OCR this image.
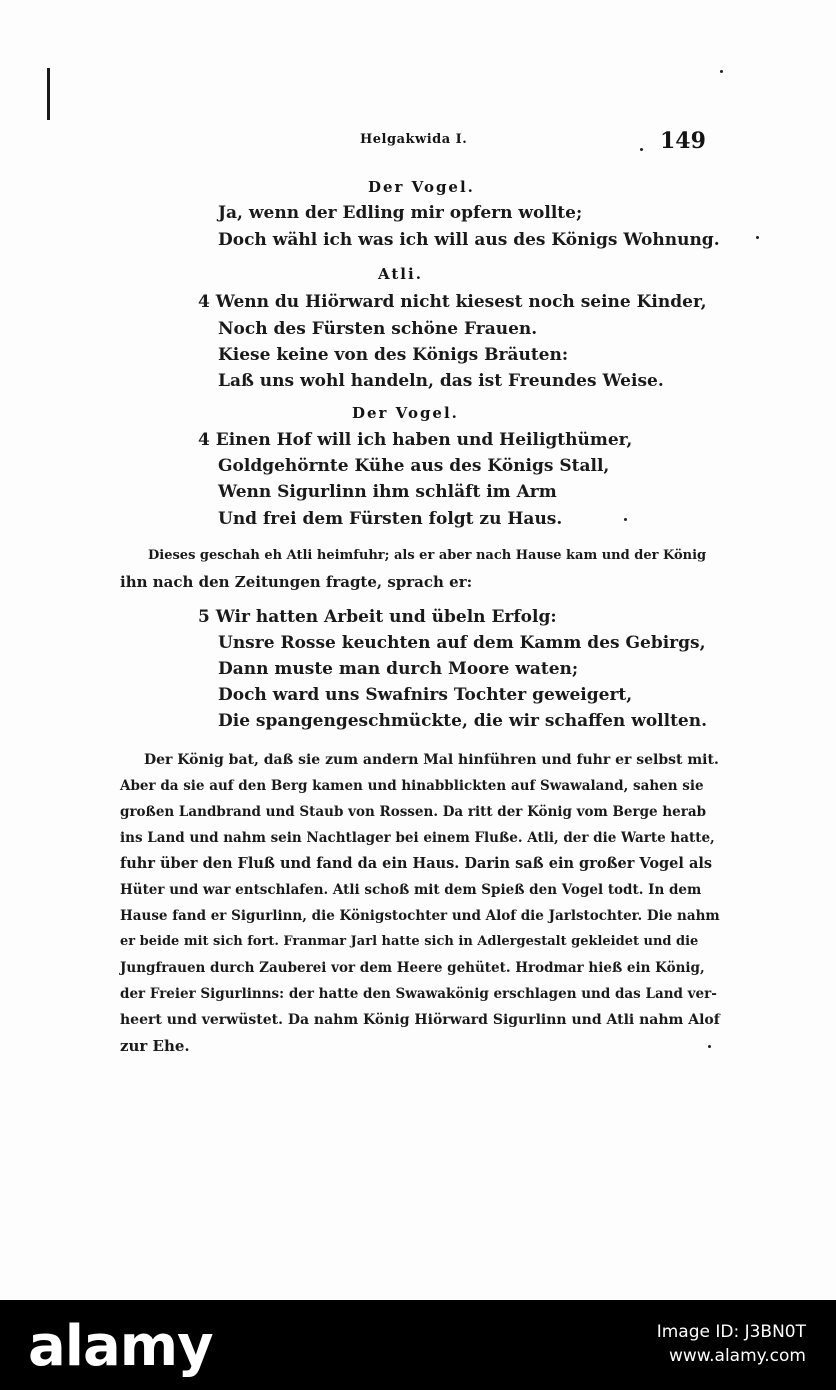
Helgakwida I.	149
Der Vogel.
Ja, wenn der Edling mir opfern wollte;
Doch wähl ich was ich will aus des Königs Wohnung.
Atli.
4 Wenn du Hiörward nicht kiesest noch seine Kinder,
Noch des Fürsten schöne Frauen.
Kiese keine von des Königs Bräuten:
Laß uns wohl handeln, das ist Freundes Weise.
Der Vogel.
4 Einen Hof will ich haben und Heiligthümer,
Goldgehörnte Kühe aus des Königs Stall,
Wenn Sigurlinn ihm schläft im Arm
Und frei dem Fürsten folgt zu Haus.
Dieses geschah eh Atli heimfuhr; als er aber nach Hause kam und der König
ihn nach den Zeitungen fragte, sprach er:
5 Wir hatten Arbeit und übeln Erfolg:
Unsre Rosse keuchten auf dem Kamm des Gebirgs,
Dann muste man durch Moore waten;
Doch ward uns Swafnirs Tochter geweigert,
Die spangengeschmückte, die wir schaffen wollten.
Der König bat, daß sie zum andern Mal hinführen und fuhr er selbst mit.
Aber da sie auf den Berg kamen und hinabblickten auf Swawaland, sahen sie
großen Landbrand und Staub von Rossen. Da ritt der König vom Berge herab
ins Land und nahm sein Nachtlager bei einem Fluße. Atli, der die Warte hatte,
fuhr über den Fluß und fand da ein Haus. Darin saß ein großer Vogel als
Hüter und war entschlafen. Atli schoß mit dem Spieß den Vogel todt. In dem
Hause fand er Sigurlinn, die Königstochter und Alof die Jarlstochter. Die nahm
er beide mit sich fort. Franmar Jarl hatte sich in Adlergestalt gekleidet und die
Jungfrauen durch Zauberei vor dem Heere gehütet. Hrodmar hieß ein König,
der Freier Sigurlinns: der hatte den Swawakönig erschlagen und das Land ver-
heert und verwüstet. Da nahm König Hiörward Sigurlinn und Atli nahm Alof
zur Ehe.
alamy	Image ID: J3BN0T
www.alamy.com
